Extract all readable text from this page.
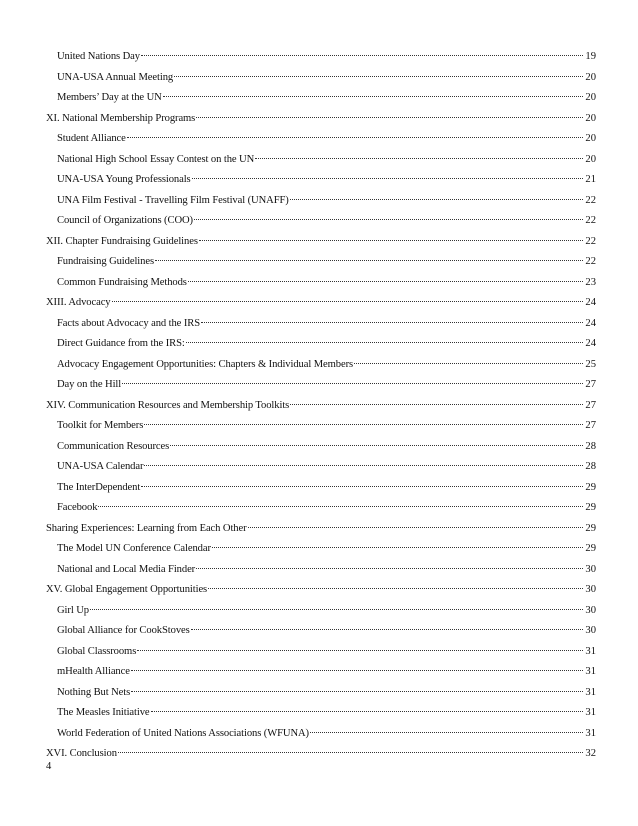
United Nations Day	19
UNA-USA Annual Meeting	20
Members’ Day at the UN	20
XI. National Membership Programs	20
Student Alliance	20
National High School Essay Contest on the UN	20
UNA-USA Young Professionals	21
UNA Film Festival - Travelling Film Festival (UNAFF)	22
Council of Organizations (COO)	22
XII. Chapter Fundraising Guidelines	22
Fundraising Guidelines	22
Common Fundraising Methods	23
XIII. Advocacy	24
Facts about Advocacy and the IRS	24
Direct Guidance from the IRS:	24
Advocacy Engagement Opportunities: Chapters & Individual Members	25
Day on the Hill	27
XIV. Communication Resources and Membership Toolkits	27
Toolkit for Members	27
Communication Resources	28
UNA-USA Calendar	28
The InterDependent	29
Facebook	29
Sharing Experiences: Learning from Each Other	29
The Model UN Conference Calendar	29
National and Local Media Finder	30
XV. Global Engagement Opportunities	30
Girl Up	30
Global Alliance for CookStoves	30
Global Classrooms	31
mHealth Alliance	31
Nothing But Nets	31
The Measles Initiative	31
World Federation of United Nations Associations (WFUNA)	31
XVI. Conclusion	32
4
